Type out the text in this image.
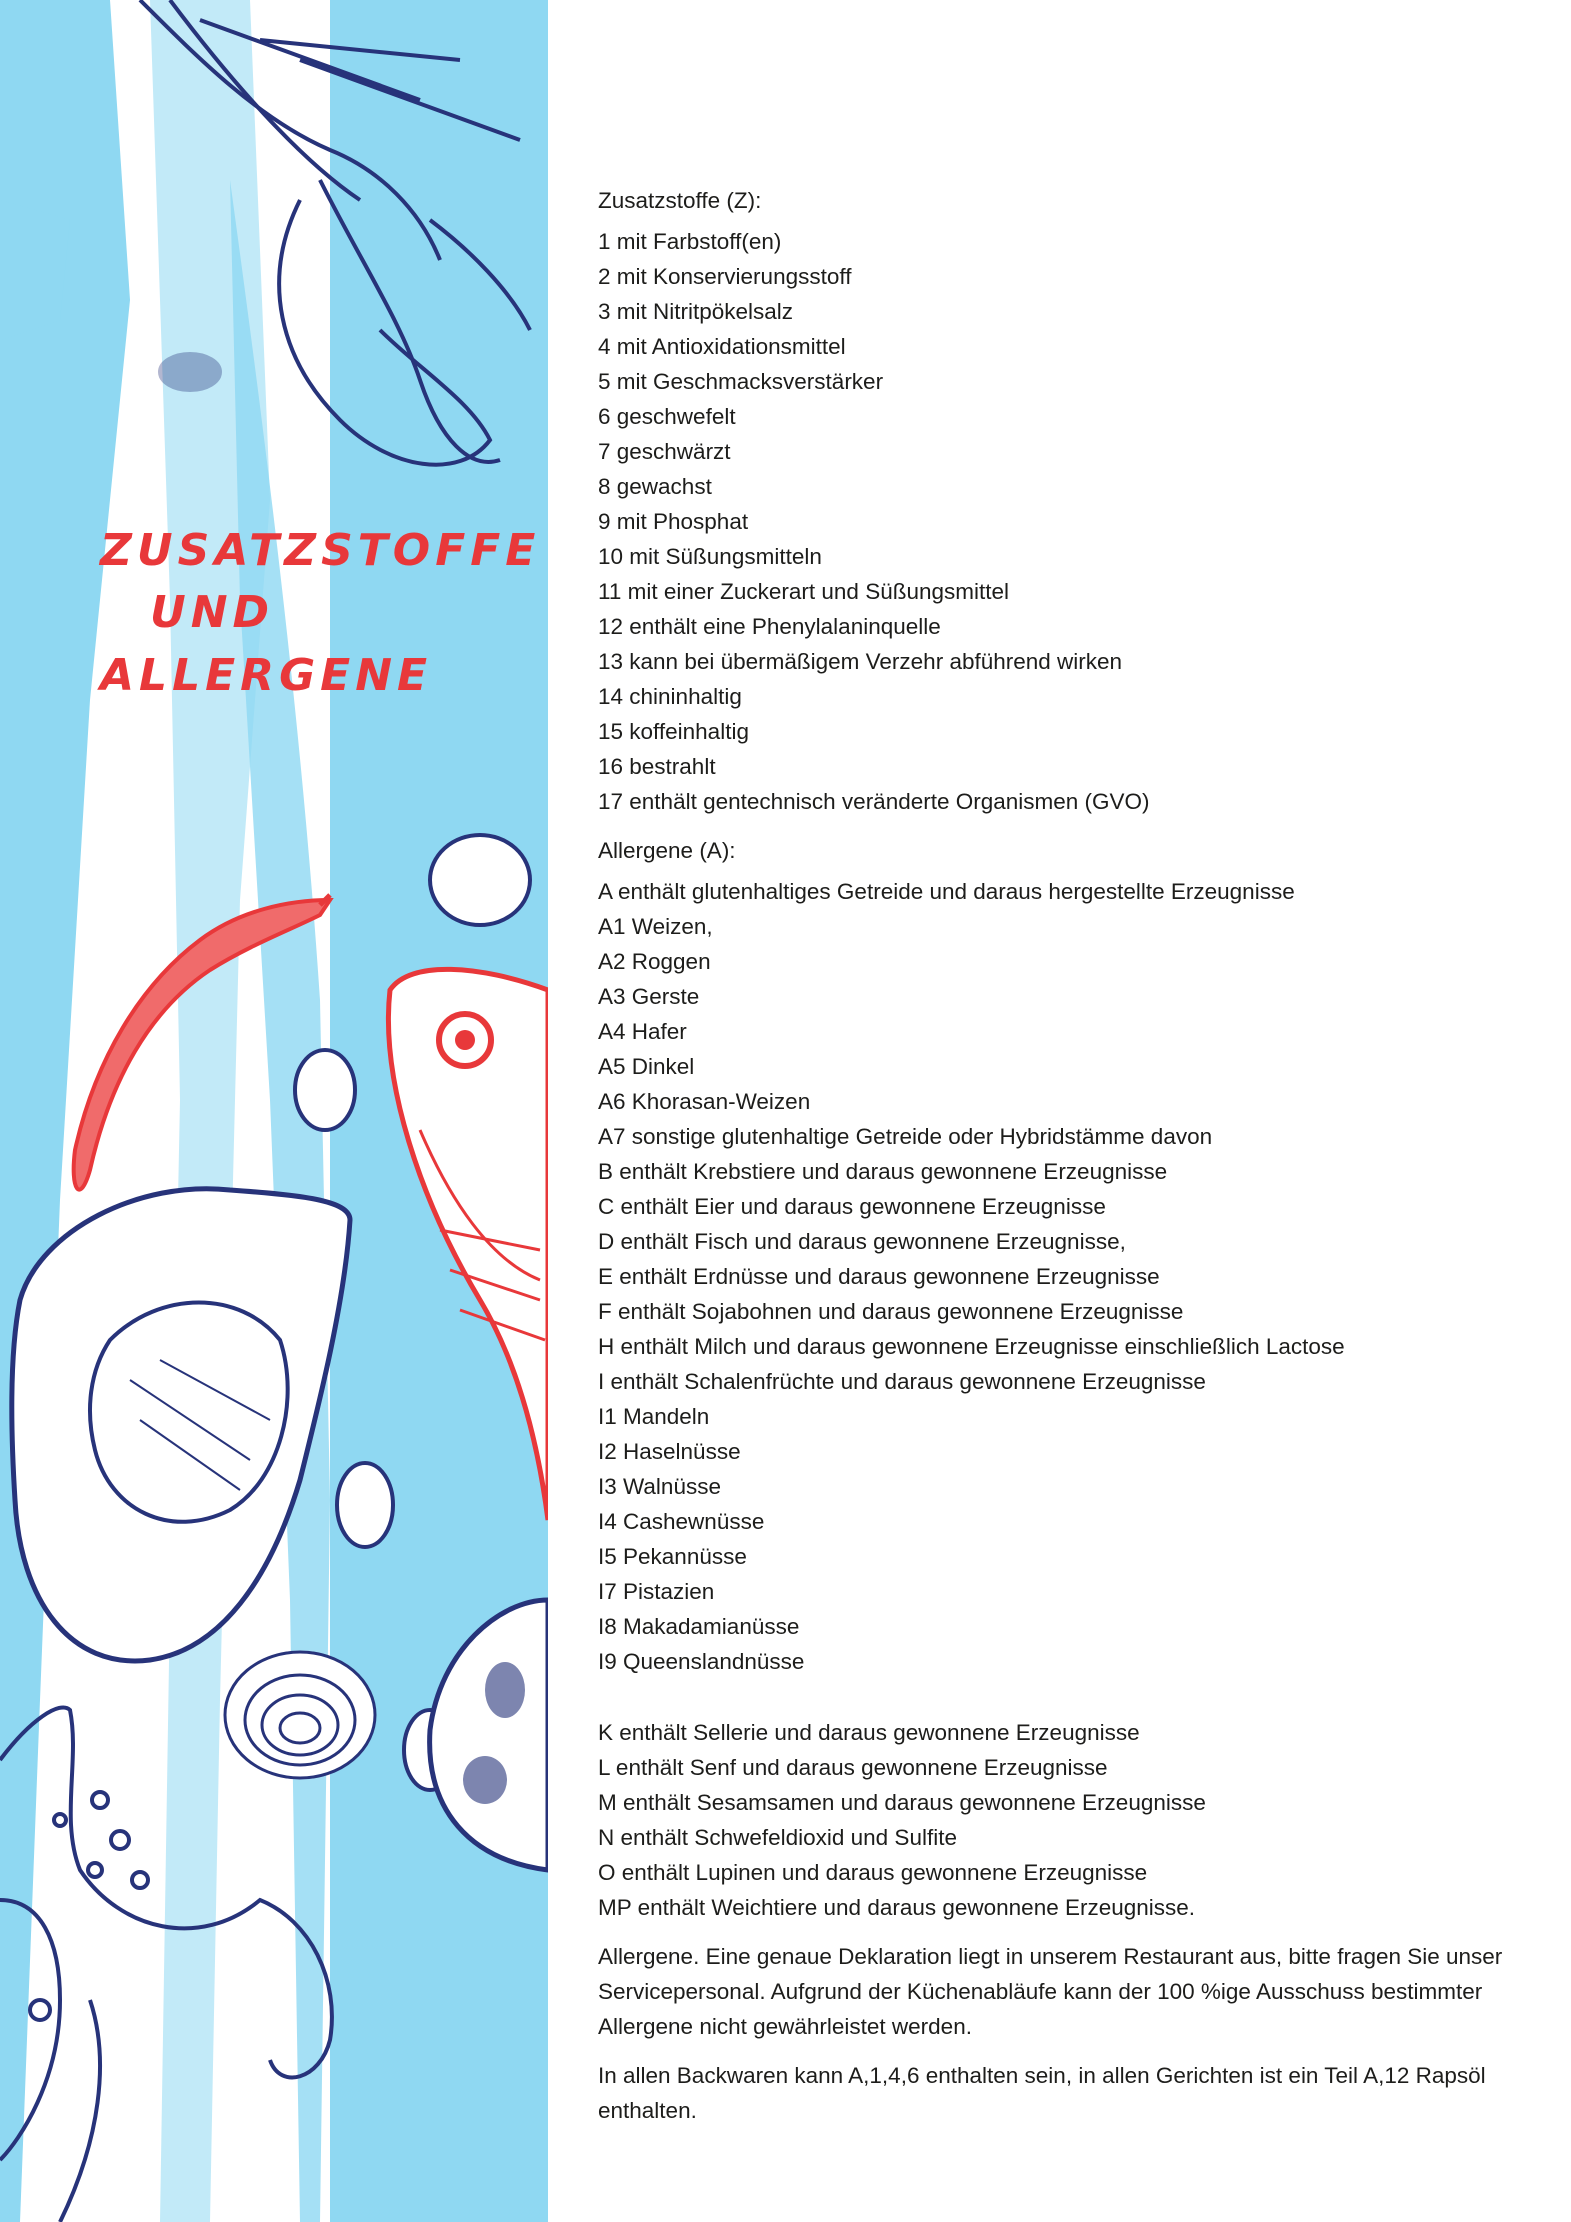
ZUSATZSTOFFE
UND
ALLERGENE
Zusatzstoffe (Z):
1 mit Farbstoff(en)
2 mit Konservierungsstoff
3 mit Nitritpökelsalz
4 mit Antioxidationsmittel
5 mit Geschmacksverstärker
6 geschwefelt
7 geschwärzt
8 gewachst
9 mit Phosphat
10 mit Süßungsmitteln
11 mit einer Zuckerart und Süßungsmittel
12 enthält eine Phenylalaninquelle
13 kann bei übermäßigem Verzehr abführend wirken
14 chininhaltig
15 koffeinhaltig
16 bestrahlt
17 enthält gentechnisch veränderte Organismen (GVO)
Allergene (A):
A enthält glutenhaltiges Getreide und daraus hergestellte Erzeugnisse
A1 Weizen,
A2 Roggen
A3 Gerste
A4 Hafer
A5 Dinkel
A6 Khorasan-Weizen
A7 sonstige glutenhaltige Getreide oder Hybridstämme davon
B enthält Krebstiere und daraus gewonnene Erzeugnisse
C enthält Eier und daraus gewonnene Erzeugnisse
D enthält Fisch und daraus gewonnene Erzeugnisse,
E enthält Erdnüsse und daraus gewonnene Erzeugnisse
F enthält Sojabohnen und daraus gewonnene Erzeugnisse
H enthält Milch und daraus gewonnene Erzeugnisse einschließlich Lactose
I enthält Schalenfrüchte und daraus gewonnene Erzeugnisse
I1 Mandeln
I2 Haselnüsse
I3 Walnüsse
I4 Cashewnüsse
I5 Pekannüsse
I7 Pistazien
I8 Makadamianüsse
I9 Queenslandnüsse
K enthält Sellerie und daraus gewonnene Erzeugnisse
L enthält Senf und daraus gewonnene Erzeugnisse
M enthält Sesamsamen und daraus gewonnene Erzeugnisse
N enthält Schwefeldioxid und Sulfite
O enthält Lupinen und daraus gewonnene Erzeugnisse
MP enthält Weichtiere und daraus gewonnene Erzeugnisse.
Allergene. Eine genaue Deklaration liegt in unserem Restaurant aus, bitte fragen Sie unser Servicepersonal. Aufgrund der Küchenabläufe kann der 100 %ige Ausschuss bestimmter Allergene nicht gewährleistet werden.
In allen Backwaren kann A,1,4,6 enthalten sein, in allen Gerichten ist ein Teil A,12 Rapsöl enthalten.
